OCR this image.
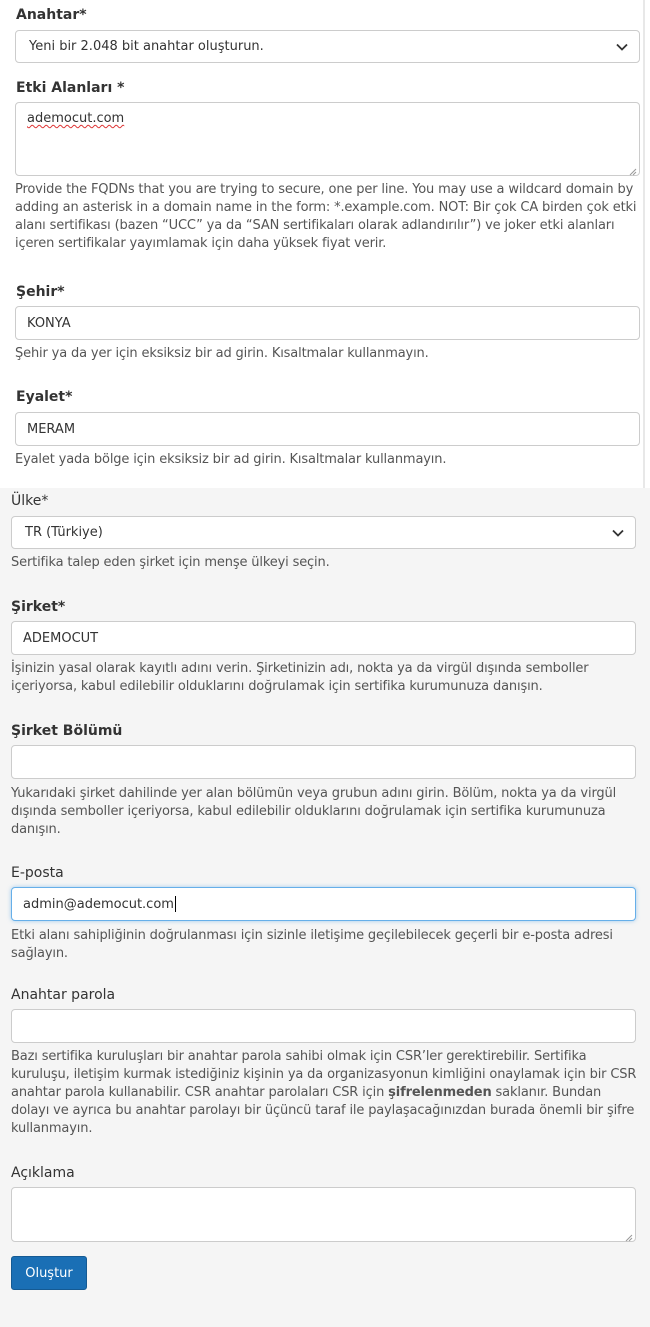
Anahtar*
Yeni bir 2.048 bit anahtar oluşturun.
Etki Alanları *
ademocut.com
Provide the FQDNs that you are trying to secure, one per line. You may use a wildcard domain by adding an asterisk in a domain name in the form: *.example.com. NOT: Bir çok CA birden çok etki alanı sertifikası (bazen “UCC” ya da “SAN sertifikaları olarak adlandırılır”) ve joker etki alanları içeren sertifikalar yayımlamak için daha yüksek fiyat verir.
Şehir*
KONYA
Şehir ya da yer için eksiksiz bir ad girin. Kısaltmalar kullanmayın.
Eyalet*
MERAM
Eyalet yada bölge için eksiksiz bir ad girin. Kısaltmalar kullanmayın.
Ülke*
TR (Türkiye)
Sertifika talep eden şirket için menşe ülkeyi seçin.
Şirket*
ADEMOCUT
İşinizin yasal olarak kayıtlı adını verin. Şirketinizin adı, nokta ya da virgül dışında semboller içeriyorsa, kabul edilebilir olduklarını doğrulamak için sertifika kurumunuza danışın.
Şirket Bölümü
Yukarıdaki şirket dahilinde yer alan bölümün veya grubun adını girin. Bölüm, nokta ya da virgül dışında semboller içeriyorsa, kabul edilebilir olduklarını doğrulamak için sertifika kurumunuza danışın.
E-posta
admin@ademocut.com
Etki alanı sahipliğinin doğrulanması için sizinle iletişime geçilebilecek geçerli bir e-posta adresi sağlayın.
Anahtar parola
Bazı sertifika kuruluşları bir anahtar parola sahibi olmak için CSR’ler gerektirebilir. Sertifika kuruluşu, iletişim kurmak istediğiniz kişinin ya da organizasyonun kimliğini onaylamak için bir CSR anahtar parola kullanabilir. CSR anahtar parolaları CSR için şifrelenmeden saklanır. Bundan dolayı ve ayrıca bu anahtar parolayı bir üçüncü taraf ile paylaşacağınızdan burada önemli bir şifre kullanmayın.
Açıklama
Oluştur
